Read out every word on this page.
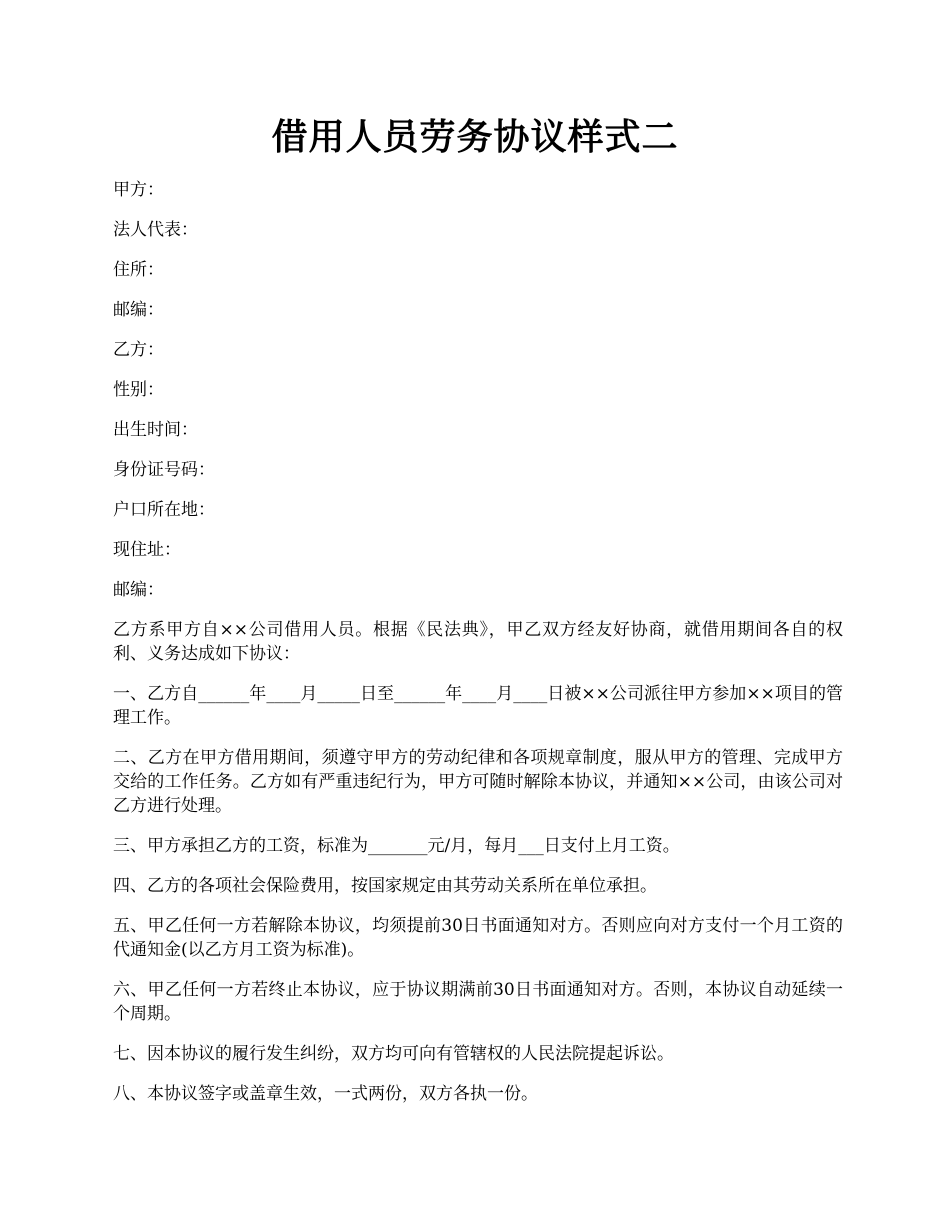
借用人员劳务协议样式二

甲方：

法人代表：

住所：

邮编：

乙方：

性别：

出生时间：

身份证号码：

户口所在地：

现住址：

邮编：

乙方系甲方自××公司借用人员。根据《民法典》，甲乙双方经友好协商，就借用期间各自的权利、义务达成如下协议：

一、乙方自______年____月_____日至______年____月____日被××公司派往甲方参加××项目的管理工作。

二、乙方在甲方借用期间，须遵守甲方的劳动纪律和各项规章制度，服从甲方的管理、完成甲方交给的工作任务。乙方如有严重违纪行为，甲方可随时解除本协议，并通知××公司，由该公司对乙方进行处理。

三、甲方承担乙方的工资，标准为_______元/月，每月___日支付上月工资。

四、乙方的各项社会保险费用，按国家规定由其劳动关系所在单位承担。

五、甲乙任何一方若解除本协议，均须提前30日书面通知对方。否则应向对方支付一个月工资的代通知金(以乙方月工资为标准)。

六、甲乙任何一方若终止本协议，应于协议期满前30日书面通知对方。否则，本协议自动延续一个周期。

七、因本协议的履行发生纠纷，双方均可向有管辖权的人民法院提起诉讼。

八、本协议签字或盖章生效，一式两份，双方各执一份。
